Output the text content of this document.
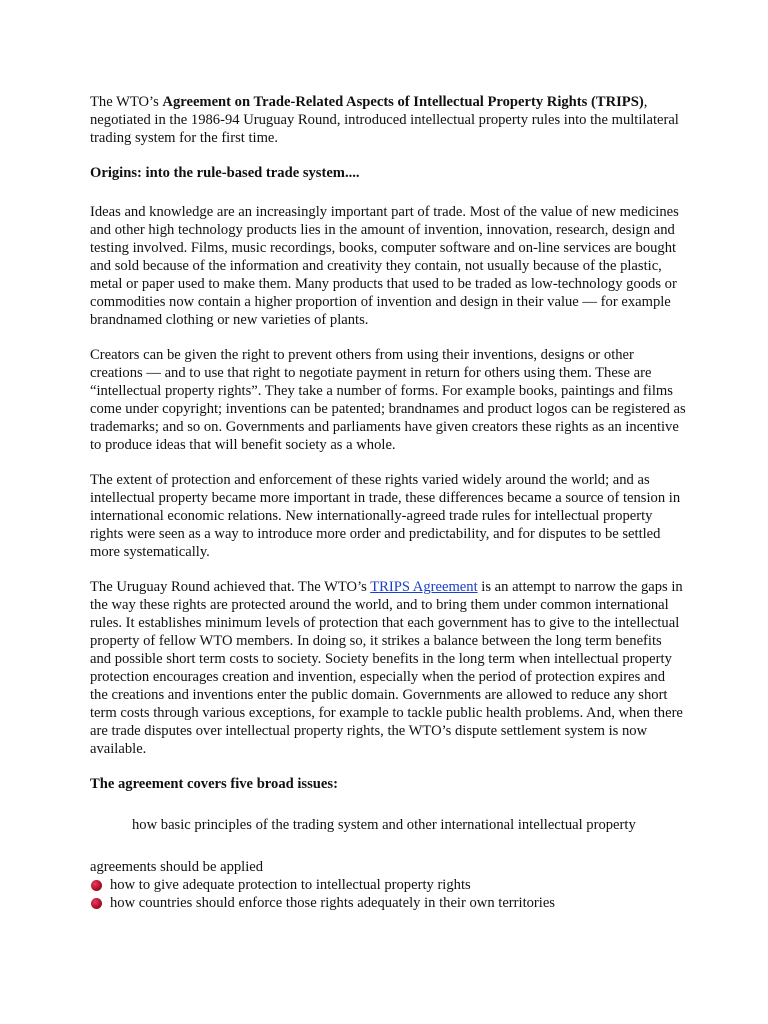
The WTO’s Agreement on Trade-Related Aspects of Intellectual Property Rights (TRIPS), negotiated in the 1986-94 Uruguay Round, introduced intellectual property rules into the multilateral trading system for the first time.

Origins: into the rule-based trade system....

Ideas and knowledge are an increasingly important part of trade. Most of the value of new medicines and other high technology products lies in the amount of invention, innovation, research, design and testing involved. Films, music recordings, books, computer software and on-line services are bought and sold because of the information and creativity they contain, not usually because of the plastic, metal or paper used to make them. Many products that used to be traded as low-technology goods or commodities now contain a higher proportion of invention and design in their value — for example brandnamed clothing or new varieties of plants.

Creators can be given the right to prevent others from using their inventions, designs or other creations — and to use that right to negotiate payment in return for others using them. These are “intellectual property rights”. They take a number of forms. For example books, paintings and films come under copyright; inventions can be patented; brandnames and product logos can be registered as trademarks; and so on. Governments and parliaments have given creators these rights as an incentive to produce ideas that will benefit society as a whole.

The extent of protection and enforcement of these rights varied widely around the world; and as intellectual property became more important in trade, these differences became a source of tension in international economic relations. New internationally-agreed trade rules for intellectual property rights were seen as a way to introduce more order and predictability, and for disputes to be settled more systematically.

The Uruguay Round achieved that. The WTO’s TRIPS Agreement is an attempt to narrow the gaps in the way these rights are protected around the world, and to bring them under common international rules. It establishes minimum levels of protection that each government has to give to the intellectual property of fellow WTO members. In doing so, it strikes a balance between the long term benefits and possible short term costs to society. Society benefits in the long term when intellectual property protection encourages creation and invention, especially when the period of protection expires and the creations and inventions enter the public domain. Governments are allowed to reduce any short term costs through various exceptions, for example to tackle public health problems. And, when there are trade disputes over intellectual property rights, the WTO’s dispute settlement system is now available.

The agreement covers five broad issues:

how basic principles of the trading system and other international intellectual property

agreements should be applied

how to give adequate protection to intellectual property rights
how countries should enforce those rights adequately in their own territories
